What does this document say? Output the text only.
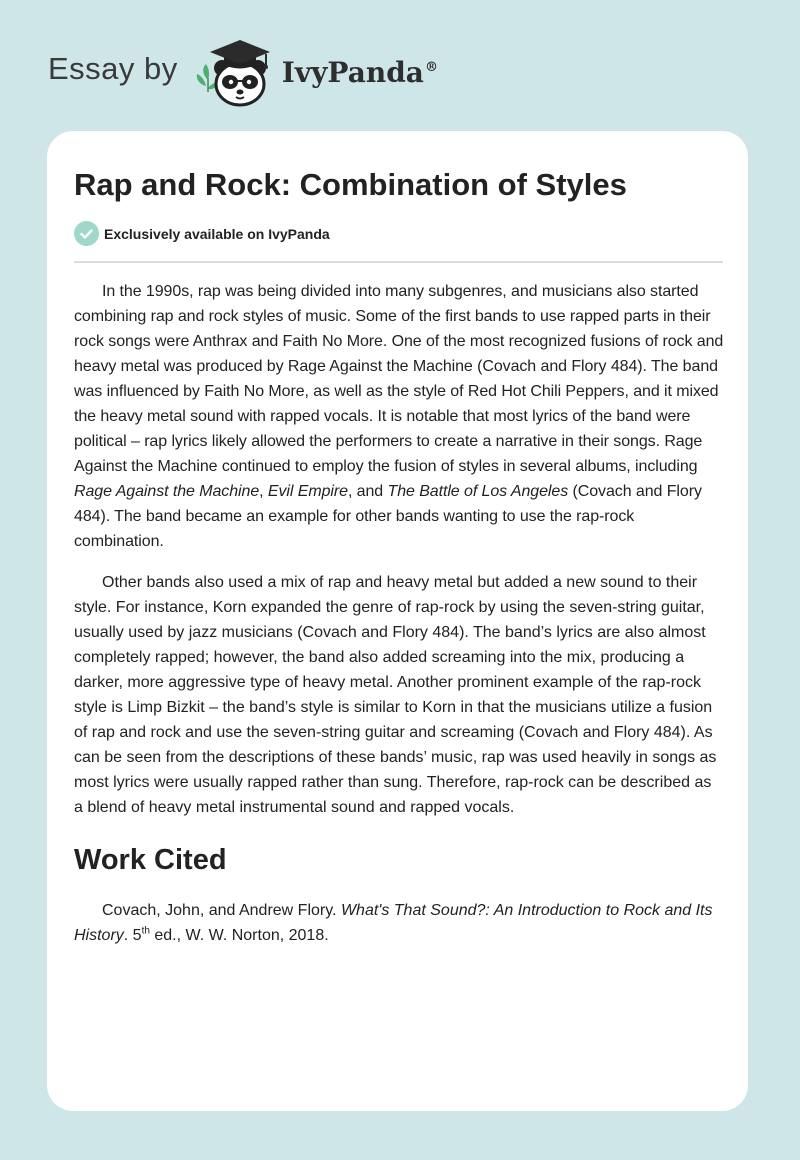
Essay by	IvyPanda®
Rap and Rock: Combination of Styles
Exclusively available on IvyPanda

In the 1990s, rap was being divided into many subgenres, and musicians also started combining rap and rock styles of music. Some of the first bands to use rapped parts in their rock songs were Anthrax and Faith No More. One of the most recognized fusions of rock and heavy metal was produced by Rage Against the Machine (Covach and Flory 484). The band was influenced by Faith No More, as well as the style of Red Hot Chili Peppers, and it mixed the heavy metal sound with rapped vocals. It is notable that most lyrics of the band were political – rap lyrics likely allowed the performers to create a narrative in their songs. Rage Against the Machine continued to employ the fusion of styles in several albums, including Rage Against the Machine, Evil Empire, and The Battle of Los Angeles (Covach and Flory 484). The band became an example for other bands wanting to use the rap-rock combination.

Other bands also used a mix of rap and heavy metal but added a new sound to their style. For instance, Korn expanded the genre of rap-rock by using the seven-string guitar, usually used by jazz musicians (Covach and Flory 484). The band’s lyrics are also almost completely rapped; however, the band also added screaming into the mix, producing a darker, more aggressive type of heavy metal. Another prominent example of the rap-rock style is Limp Bizkit – the band’s style is similar to Korn in that the musicians utilize a fusion of rap and rock and use the seven-string guitar and screaming (Covach and Flory 484). As can be seen from the descriptions of these bands’ music, rap was used heavily in songs as most lyrics were usually rapped rather than sung. Therefore, rap-rock can be described as a blend of heavy metal instrumental sound and rapped vocals.

Work Cited

Covach, John, and Andrew Flory. What's That Sound?: An Introduction to Rock and Its History. 5th ed., W. W. Norton, 2018.
